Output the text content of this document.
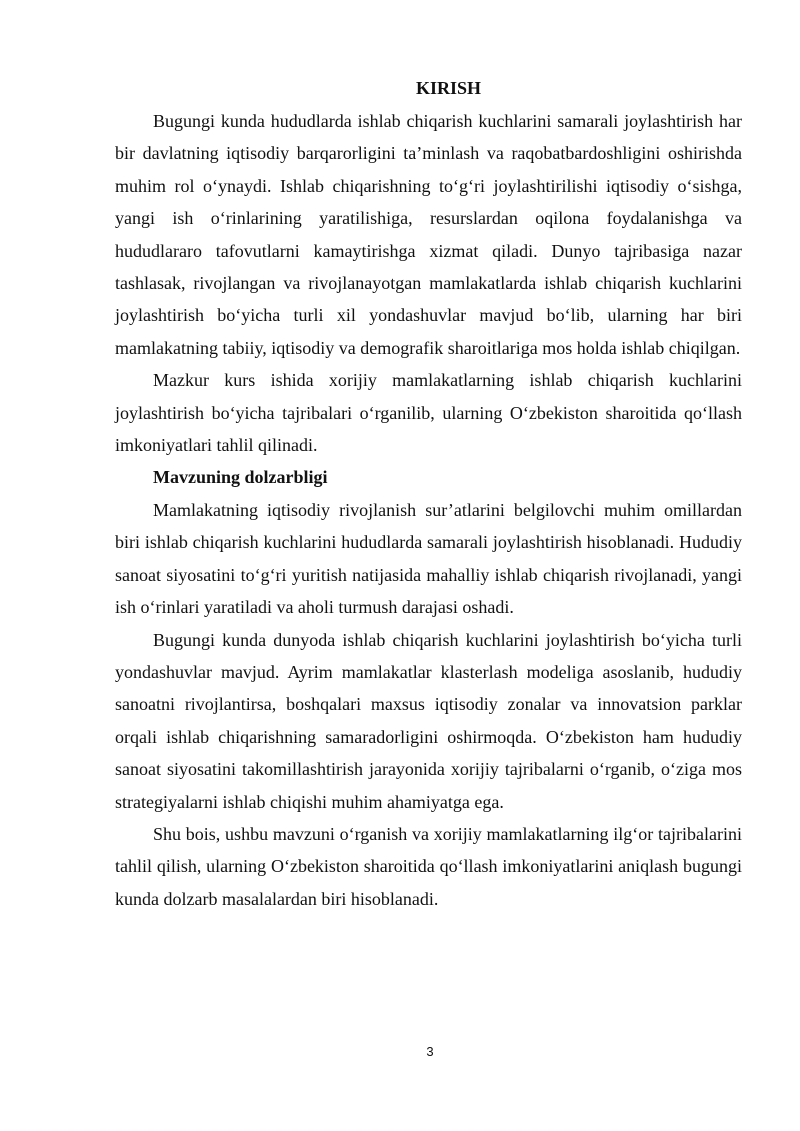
KIRISH

Bugungi kunda hududlarda ishlab chiqarish kuchlarini samarali joylashtirish har bir davlatning iqtisodiy barqarorligini ta’minlash va raqobatbardoshligini oshirishda muhim rol o‘ynaydi. Ishlab chiqarishning to‘g‘ri joylashtirilishi iqtisodiy o‘sishga, yangi ish o‘rinlarining yaratilishiga, resurslardan oqilona foydalanishga va hududlararo tafovutlarni kamaytirishga xizmat qiladi. Dunyo tajribasiga nazar tashlasak, rivojlangan va rivojlanayotgan mamlakatlarda ishlab chiqarish kuchlarini joylashtirish bo‘yicha turli xil yondashuvlar mavjud bo‘lib, ularning har biri mamlakatning tabiiy, iqtisodiy va demografik sharoitlariga mos holda ishlab chiqilgan.

Mazkur kurs ishida xorijiy mamlakatlarning ishlab chiqarish kuchlarini joylashtirish bo‘yicha tajribalari o‘rganilib, ularning O‘zbekiston sharoitida qo‘llash imkoniyatlari tahlil qilinadi.

Mavzuning dolzarbligi

Mamlakatning iqtisodiy rivojlanish sur’atlarini belgilovchi muhim omillardan biri ishlab chiqarish kuchlarini hududlarda samarali joylashtirish hisoblanadi. Hududiy sanoat siyosatini to‘g‘ri yuritish natijasida mahalliy ishlab chiqarish rivojlanadi, yangi ish o‘rinlari yaratiladi va aholi turmush darajasi oshadi.

Bugungi kunda dunyoda ishlab chiqarish kuchlarini joylashtirish bo‘yicha turli yondashuvlar mavjud. Ayrim mamlakatlar klasterlash modeliga asoslanib, hududiy sanoatni rivojlantirsa, boshqalari maxsus iqtisodiy zonalar va innovatsion parklar orqali ishlab chiqarishning samaradorligini oshirmoqda. O‘zbekiston ham hududiy sanoat siyosatini takomillashtirish jarayonida xorijiy tajribalarni o‘rganib, o‘ziga mos strategiyalarni ishlab chiqishi muhim ahamiyatga ega.

Shu bois, ushbu mavzuni o‘rganish va xorijiy mamlakatlarning ilg‘or tajribalarini tahlil qilish, ularning O‘zbekiston sharoitida qo‘llash imkoniyatlarini aniqlash bugungi kunda dolzarb masalalardan biri hisoblanadi.

3
